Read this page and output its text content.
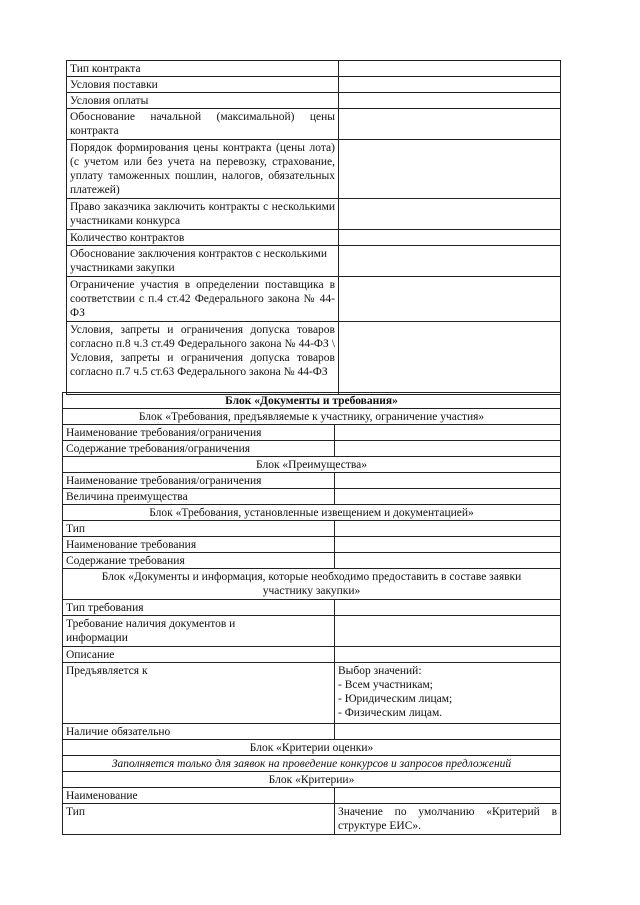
Тип контракта	
Условия поставки	
Условия оплаты	
Обоснование начальной (максимальной) цены контракта	
Порядок формирования цены контракта (цены лота) (с учетом или без учета на перевозку, страхование, уплату таможенных пошлин, налогов, обязательных платежей)	
Право заказчика заключить контракты с несколькими участниками конкурса	
Количество контрактов	
Обоснование заключения контрактов с несколькими участниками закупки	
Ограничение участия в определении поставщика в соответствии с п.4 ст.42 Федерального закона № 44-ФЗ	
Условия, запреты и ограничения допуска товаров согласно п.8 ч.3 ст.49 Федерального закона № 44-ФЗ \ Условия, запреты и ограничения допуска товаров согласно п.7 ч.5 ст.63 Федерального закона № 44-ФЗ	
Блок «Документы и требования»	
Блок «Требования, предъявляемые к участнику, ограничение участия»	
Наименование требования/ограничения	
Содержание требования/ограничения	
Блок «Преимущества»	
Наименование требования/ограничения	
Величина преимущества	
Блок «Требования, установленные извещением и документацией»	
Тип	
Наименование требования	
Содержание требования	
Блок «Документы и информация, которые необходимо предоставить в составе заявки участнику закупки»	
Тип требования	
Требование наличия документов и информации	
Описание	
Предъявляется к	Выбор значений:
- Всем участникам;
- Юридическим лицам;
- Физическим лицам.

Наличие обязательно	
Блок «Критерии оценки»	
Заполняется только для заявок на проведение конкурсов и запросов предложений	
Блок «Критерии»	
Наименование	
Тип	Значение по умолчанию «Критерий в структуре ЕИС».
